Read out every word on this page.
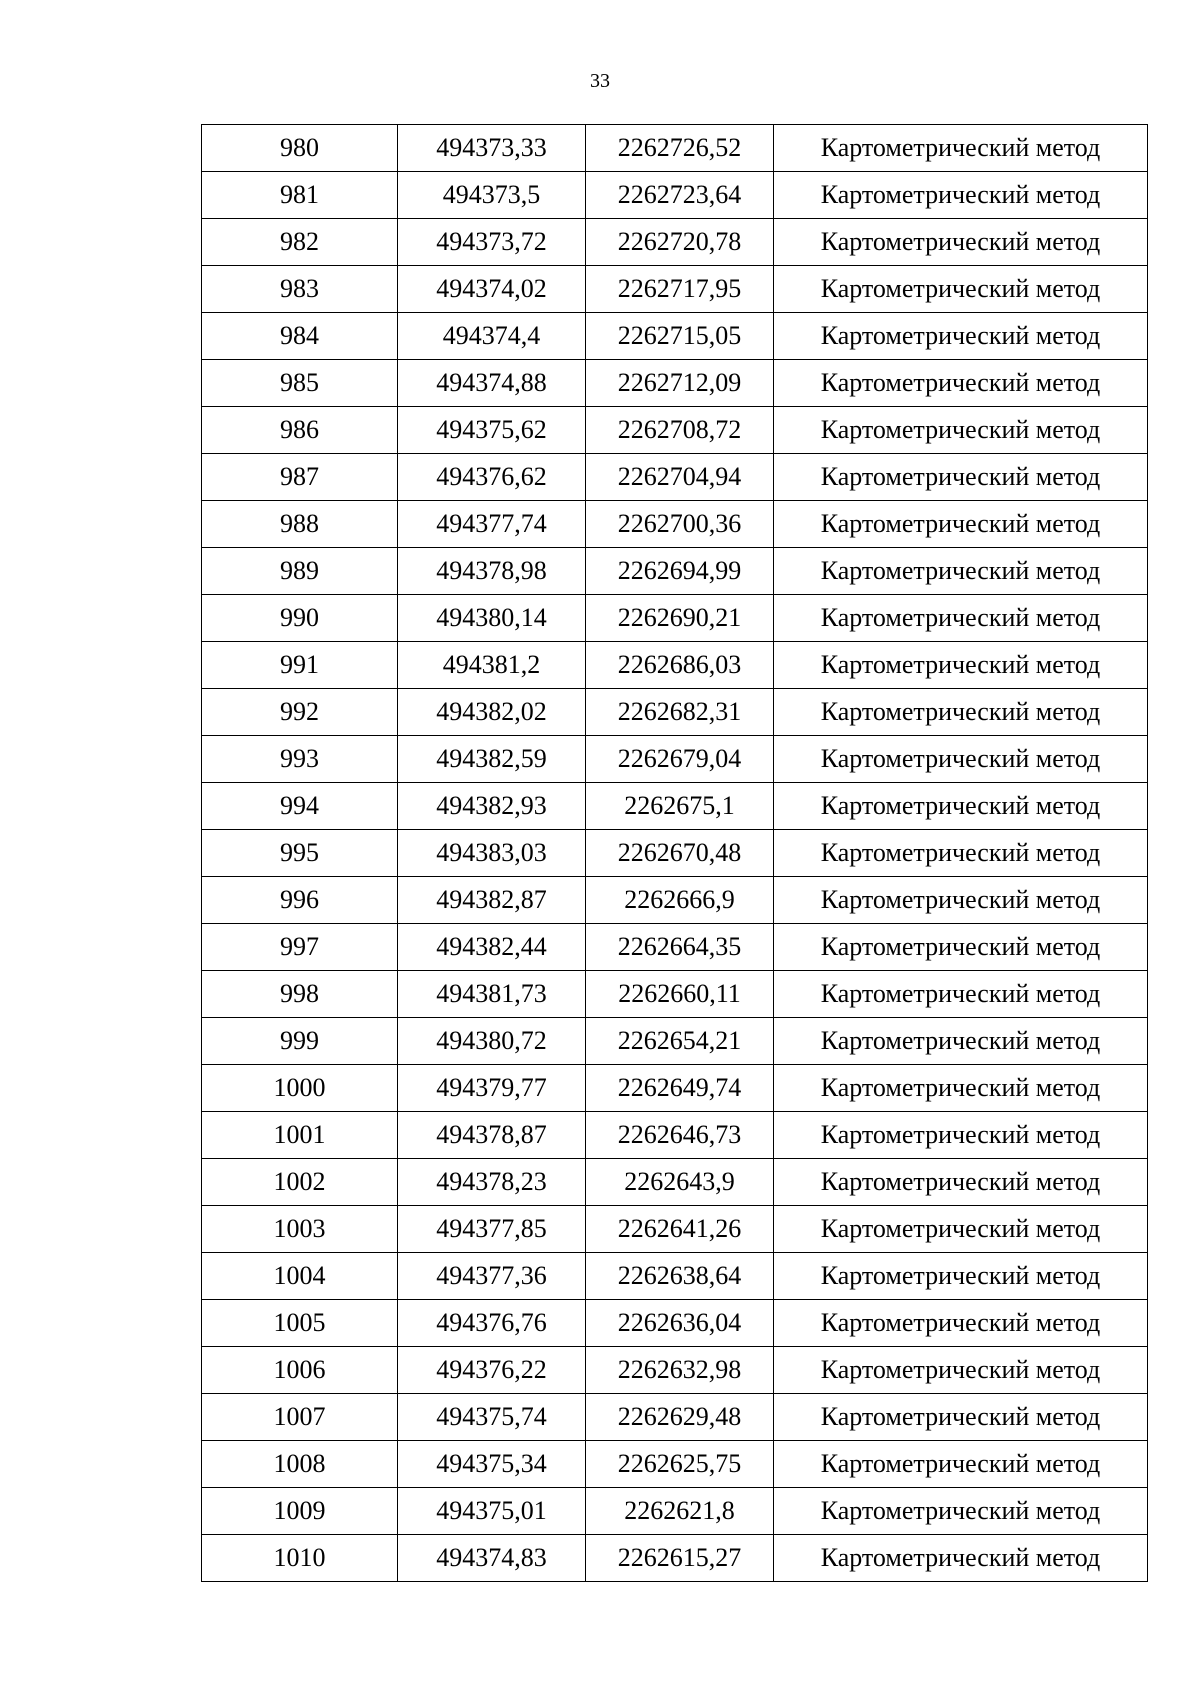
33
980	494373,33	2262726,52	Картометрический метод
981	494373,5	2262723,64	Картометрический метод
982	494373,72	2262720,78	Картометрический метод
983	494374,02	2262717,95	Картометрический метод
984	494374,4	2262715,05	Картометрический метод
985	494374,88	2262712,09	Картометрический метод
986	494375,62	2262708,72	Картометрический метод
987	494376,62	2262704,94	Картометрический метод
988	494377,74	2262700,36	Картометрический метод
989	494378,98	2262694,99	Картометрический метод
990	494380,14	2262690,21	Картометрический метод
991	494381,2	2262686,03	Картометрический метод
992	494382,02	2262682,31	Картометрический метод
993	494382,59	2262679,04	Картометрический метод
994	494382,93	2262675,1	Картометрический метод
995	494383,03	2262670,48	Картометрический метод
996	494382,87	2262666,9	Картометрический метод
997	494382,44	2262664,35	Картометрический метод
998	494381,73	2262660,11	Картометрический метод
999	494380,72	2262654,21	Картометрический метод
1000	494379,77	2262649,74	Картометрический метод
1001	494378,87	2262646,73	Картометрический метод
1002	494378,23	2262643,9	Картометрический метод
1003	494377,85	2262641,26	Картометрический метод
1004	494377,36	2262638,64	Картометрический метод
1005	494376,76	2262636,04	Картометрический метод
1006	494376,22	2262632,98	Картометрический метод
1007	494375,74	2262629,48	Картометрический метод
1008	494375,34	2262625,75	Картометрический метод
1009	494375,01	2262621,8	Картометрический метод
1010	494374,83	2262615,27	Картометрический метод
